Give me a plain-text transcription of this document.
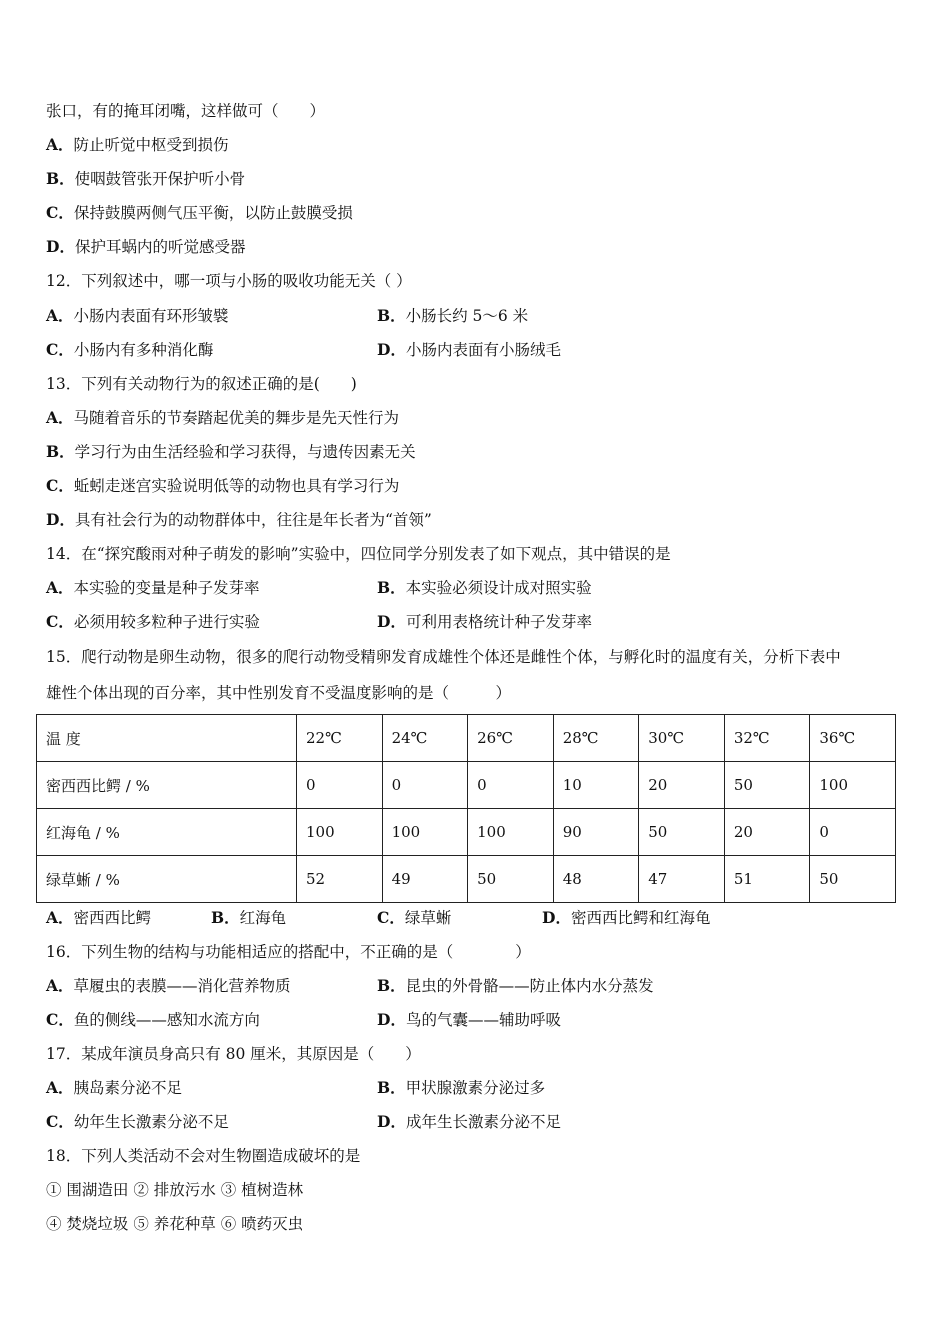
张口，有的掩耳闭嘴，这样做可（　　）
A．防止听觉中枢受到损伤
B．使咽鼓管张开保护听小骨
C．保持鼓膜两侧气压平衡，以防止鼓膜受损
D．保护耳蜗内的听觉感受器
12．下列叙述中，哪一项与小肠的吸收功能无关（ ）
A．小肠内表面有环形皱襞	B．小肠长约 5～6 米
C．小肠内有多种消化酶	D．小肠内表面有小肠绒毛
13．下列有关动物行为的叙述正确的是(　　)
A．马随着音乐的节奏踏起优美的舞步是先天性行为
B．学习行为由生活经验和学习获得，与遗传因素无关
C．蚯蚓走迷宫实验说明低等的动物也具有学习行为
D．具有社会行为的动物群体中，往往是年长者为“首领”
14．在“探究酸雨对种子萌发的影响”实验中，四位同学分别发表了如下观点，其中错误的是
A．本实验的变量是种子发芽率	B．本实验必须设计成对照实验
C．必须用较多粒种子进行实验	D．可利用表格统计种子发芽率
15．爬行动物是卵生动物，很多的爬行动物受精卵发育成雄性个体还是雌性个体，与孵化时的温度有关，分析下表中
雄性个体出现的百分率，其中性别发育不受温度影响的是（　　　）
温 度	22℃	24℃	26℃	28℃	30℃	32℃	36℃
密西西比鳄 / %	0	0	0	10	20	50	100
红海龟 / %	100	100	100	90	50	20	0
绿草蜥 / %	52	49	50	48	47	51	50
A．密西西比鳄	B．红海龟	C．绿草蜥	D．密西西比鳄和红海龟
16．下列生物的结构与功能相适应的搭配中，不正确的是（　　　　）
A．草履虫的表膜——消化营养物质	B．昆虫的外骨骼——防止体内水分蒸发
C．鱼的侧线——感知水流方向	D．鸟的气囊——辅助呼吸
17．某成年演员身高只有 80 厘米，其原因是（　　）
A．胰岛素分泌不足	B．甲状腺激素分泌过多
C．幼年生长激素分泌不足	D．成年生长激素分泌不足
18．下列人类活动不会对生物圈造成破坏的是
① 围湖造田 ② 排放污水 ③ 植树造林
④ 焚烧垃圾 ⑤ 养花种草 ⑥ 喷药灭虫
